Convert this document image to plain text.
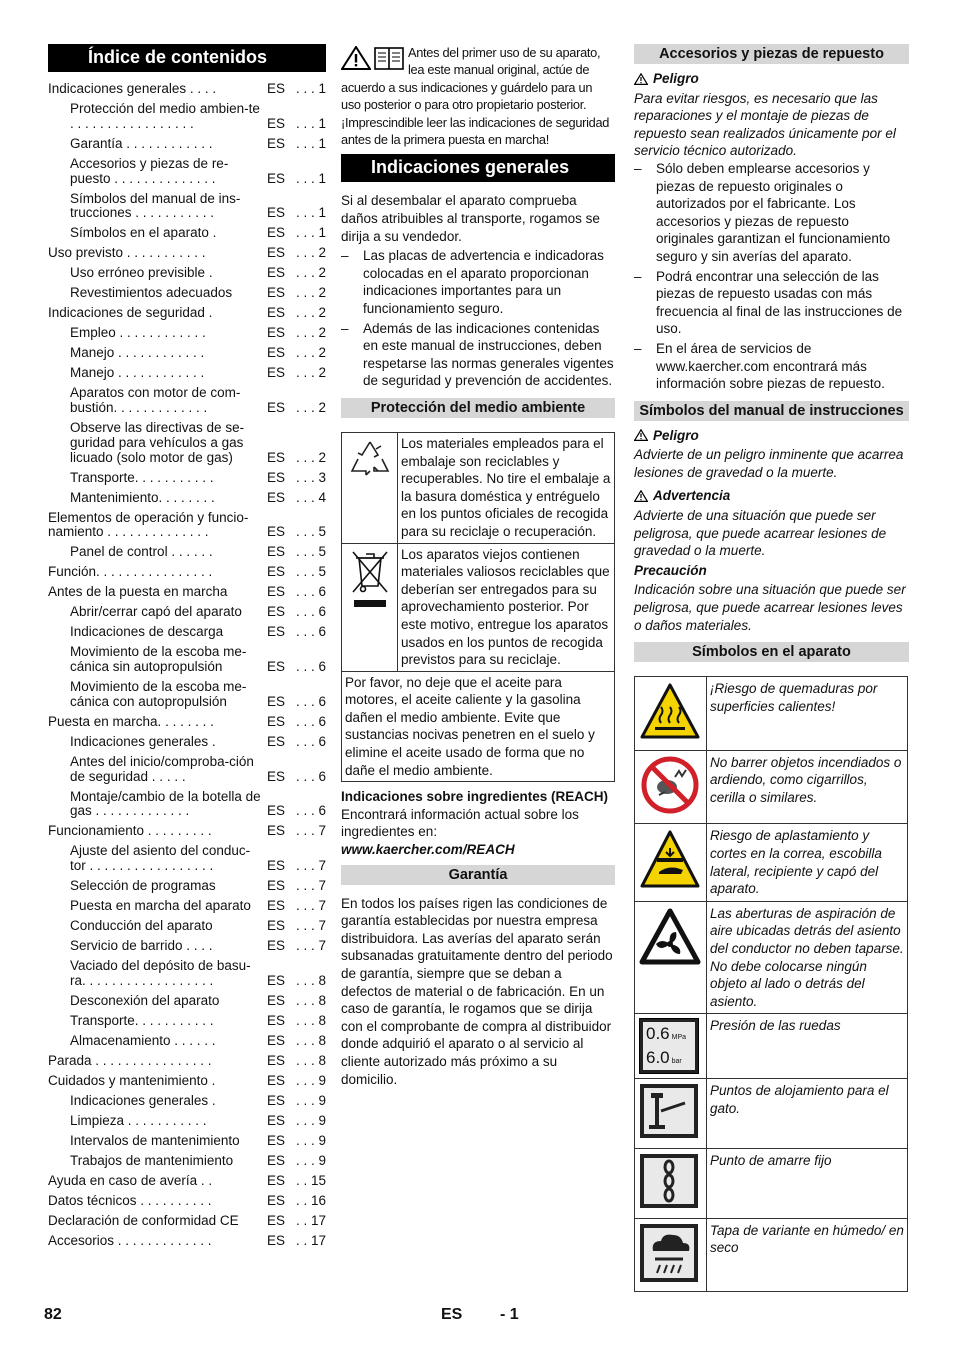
Índice de contenidos
Indicaciones generales . . . .	ES . . . 1
Protección del medio ambien-te . . . . . . . . . . . . . . . . .	ES . . . 1
Garantía . . . . . . . . . . . .	ES . . . 1
Accesorios y piezas de re-puesto . . . . . . . . . . . . . .	ES . . . 1
Símbolos del manual de ins-trucciones . . . . . . . . . . .	ES . . . 1
Símbolos en el aparato .	ES . . . 1
Uso previsto . . . . . . . . . . .	ES . . . 2
Uso erróneo previsible .	ES . . . 2
Revestimientos adecuados	ES . . . 2
Indicaciones de seguridad .	ES . . . 2
Empleo . . . . . . . . . . . .	ES . . . 2
Manejo . . . . . . . . . . . .	ES . . . 2
Manejo . . . . . . . . . . . .	ES . . . 2
Aparatos con motor de com-bustión. . . . . . . . . . . . .	ES . . . 2
Observe las directivas de se-guridad para vehículos a gas licuado (solo motor de gas)	ES . . . 2
Transporte. . . . . . . . . . .	ES . . . 3
Mantenimiento. . . . . . . .	ES . . . 4
Elementos de operación y funcio-namiento . . . . . . . . . . . . . .	ES . . . 5
Panel de control . . . . . .	ES . . . 5
Función. . . . . . . . . . . . . . . .	ES . . . 5
Antes de la puesta en marcha	ES . . . 6
Abrir/cerrar capó del aparato	ES . . . 6
Indicaciones de descarga	ES . . . 6
Movimiento de la escoba me-cánica sin autopropulsión	ES . . . 6
Movimiento de la escoba me-cánica con autopropulsión	ES . . . 6
Puesta en marcha. . . . . . . .	ES . . . 6
Indicaciones generales .	ES . . . 6
Antes del inicio/comproba-ción de seguridad . . . . .	ES . . . 6
Montaje/cambio de la botella de gas . . . . . . . . . . . . .	ES . . . 6
Funcionamiento . . . . . . . . .	ES . . . 7
Ajuste del asiento del conduc-tor . . . . . . . . . . . . . . . . .	ES . . . 7
Selección de programas	ES . . . 7
Puesta en marcha del aparato	ES . . . 7
Conducción del aparato	ES . . . 7
Servicio de barrido . . . .	ES . . . 7
Vaciado del depósito de basu-ra. . . . . . . . . . . . . . . . . .	ES . . . 8
Desconexión del aparato	ES . . . 8
Transporte. . . . . . . . . . .	ES . . . 8
Almacenamiento . . . . . .	ES . . . 8
Parada . . . . . . . . . . . . . . . .	ES . . . 8
Cuidados y mantenimiento .	ES . . . 9
Indicaciones generales .	ES . . . 9
Limpieza . . . . . . . . . . .	ES . . . 9
Intervalos de mantenimiento	ES . . . 9
Trabajos de mantenimiento	ES . . . 9
Ayuda en caso de avería . .	ES . . 15
Datos técnicos . . . . . . . . . .	ES . . 16
Declaración de conformidad CE	ES . . 17
Accesorios . . . . . . . . . . . . .	ES . . 17
Antes del primer uso de su aparato, lea este manual original, actúe de acuerdo a sus indicaciones y guárdelo para un uso posterior o para otro propietario posterior. ¡Imprescindible leer las indicaciones de seguridad antes de la primera puesta en marcha!
Indicaciones generales

Si al desembalar el aparato comprueba daños atribuibles al transporte, rogamos se dirija a su vendedor.

– Las placas de advertencia e indicadoras colocadas en el aparato proporcionan indicaciones importantes para un funcionamiento seguro.
– Además de las indicaciones contenidas en este manual de instrucciones, deben respetarse las normas generales vigentes de seguridad y prevención de accidentes.
Protección del medio ambiente
	Los materiales empleados para el embalaje son reciclables y recuperables. No tire el embalaje a la basura doméstica y entréguelo en los puntos oficiales de recogida para su reciclaje o recuperación.
	Los aparatos viejos contienen materiales valiosos reciclables que deberían ser entregados para su aprovechamiento posterior. Por este motivo, entregue los aparatos usados en los puntos de recogida previstos para su reciclaje.
Por favor, no deje que el aceite para motores, el aceite caliente y la gasolina dañen el medio ambiente. Evite que sustancias nocivas penetren en el suelo y elimine el aceite usado de forma que no dañe el medio ambiente.	

Indicaciones sobre ingredientes (REACH)

Encontrará información actual sobre los ingredientes en:

www.kaercher.com/REACH

Garantía

En todos los países rigen las condiciones de garantía establecidas por nuestra empresa distribuidora. Las averías del aparato serán subsanadas gratuitamente dentro del periodo de garantía, siempre que se deban a defectos de material o de fabricación. En un caso de garantía, le rogamos que se dirija con el comprobante de compra al distribuidor donde adquirió el aparato o al servicio al cliente autorizado más próximo a su domicilio.

Accesorios y piezas de repuesto
Peligro

Para evitar riesgos, es necesario que las reparaciones y el montaje de piezas de repuesto sean realizados únicamente por el servicio técnico autorizado.

– Sólo deben emplearse accesorios y piezas de repuesto originales o autorizados por el fabricante. Los accesorios y piezas de repuesto originales garantizan el funcionamiento seguro y sin averías del aparato.
– Podrá encontrar una selección de las piezas de repuesto usadas con más frecuencia al final de las instrucciones de uso.
– En el área de servicios de www.kaercher.com encontrará más información sobre piezas de repuesto.
Símbolos del manual de instrucciones
Peligro

Advierte de un peligro inminente que acarrea lesiones de gravedad o la muerte.

Advertencia

Advierte de una situación que puede ser peligrosa, que puede acarrear lesiones de gravedad o la muerte.

Precaución

Indicación sobre una situación que puede ser peligrosa, que puede acarrear lesiones leves o daños materiales.

Símbolos en el aparato
	¡Riesgo de quemaduras por superficies calientes!
	No barrer objetos incendiados o ardiendo, como cigarrillos, cerilla o similares.
	Riesgo de aplastamiento y cortes en la correa, escobilla lateral, recipiente y capó del aparato.
	Las aberturas de aspiración de aire ubicadas detrás del asiento del conductor no deben taparse. No debe colocarse ningún objeto al lado o detrás del asiento.

0.6 MPa
6.0 bar	Presión de las ruedas
	Puntos de alojamiento para el gato.
	Punto de amarre fijo
	Tapa de variante en húmedo/ en seco
82	ES - 1
